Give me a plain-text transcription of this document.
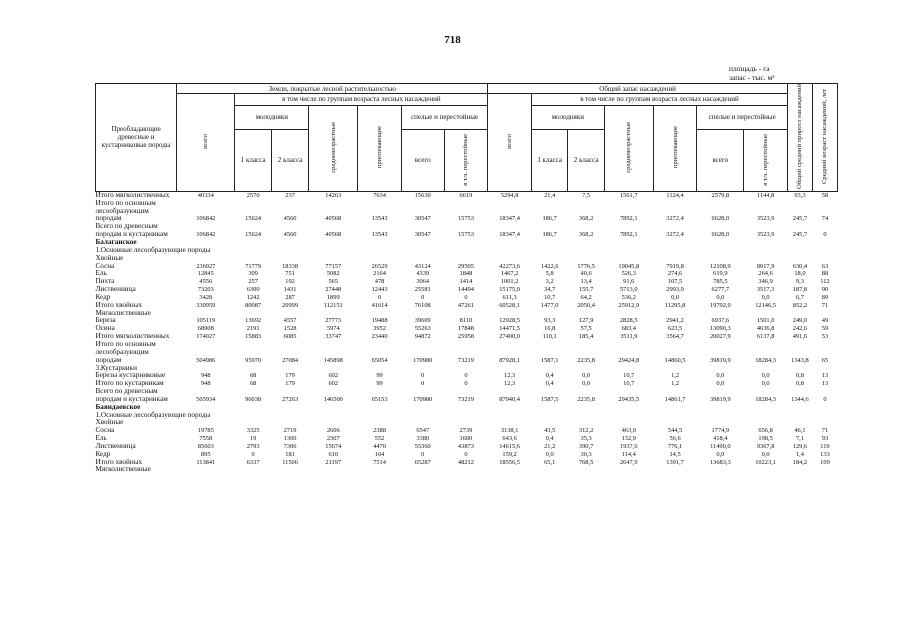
718
площадь - га
запас - тыс. м³
Преобладающие древесные и кустарниковые породы	Земли, покрытые лесной растительностью							Общий запас насаждений							Общий средний прирост насаждений	Средний возраст насаждений, лет
	всего	в том числе по группам возраста лесных насаждений						всего	в том числе по группам возраста лесных насаждений							
		молодняки		средневозрастные	приспевающие	спелые и перестойные			молодняки		средневозрастные	приспевающие	спелые и перестойные			
		1 класса	2 класса			всего	в т.ч. перестойные		1 класса	2 класса			всего	в т.ч. перестойные		
Итого мягколиственных	40334	2570	237	14263	7634	15630	6619	5294,8	21,4	7,5	1561,7	1124,4	2579,8	1144,8	93,3	58
Итого по основным лесообразующим породам	106842	15624	4560	40568	13543	30547	15753	18347,4	186,7	368,2	7892,1	3272,4	6628,0	3523,9	245,7	74
Всего по древесным породам и кустарникам	106842	15624	4560	40568	13543	30547	15753	18347,4	186,7	368,2	7892,1	3272,4	6628,0	3523,9	245,7	0
Балаганское																
1.Основные лесообразующие породы																
Хвойные																
Сосна	236927	71779	18338	77157	26529	43124	29505	42273,6	1422,6	1776,5	19045,8	7919,8	12108,9	8017,9	630,4	63
Ель	12845	309	751	5082	2164	4339	1848	1467,2	5,8	40,6	526,3	274,6	619,9	264,6	18,0	88
Пихта	4556	257	192	565	478	3064	1414	1001,2	3,2	13,4	91,6	107,5	785,5	346,9	9,3	112
Лиственница	73203	6300	1431	27448	12443	25581	14494	15175,0	34,7	155,7	5713,0	2993,9	6277,7	3517,3	187,8	90
Кедр	3428	1242	287	1899	0	0	0	611,3	10,7	64,2	536,2	0,0	0,0	0,0	6,7	89
Итого хвойных	330959	80087	20999	112151	41614	76108	47261	60528,1	1477,0	2050,4	25912,9	11295,8	19792,0	12146,5	852,2	71
Мягколиственные																
Береза	105119	13692	4557	27773	19488	39609	8110	12928,5	93,3	127,9	2828,5	2941,2	6937,6	1501,0	249,0	49
Осина	68908	2191	1528	5974	3952	55263	17848	14471,5	16,8	57,5	683,4	623,5	13090,3	4636,8	242,6	59
Итого мягколиственных	174027	15883	6085	33747	23440	94872	25958	27400,0	110,1	185,4	3511,9	3564,7	20027,9	6137,8	491,6	53
Итого по основным лесообразующим породам	504986	95970	27084	145898	65054	170980	73219	87928,1	1587,1	2235,8	29424,8	14860,5	39819,9	18284,3	1343,8	65
3.Кустарники																
Березы кустарниковые	948	68	179	602	99	0	0	12,3	0,4	0,0	10,7	1,2	0,0	0,0	0,8	13
Итого по кустарникам	948	68	179	602	99	0	0	12,3	0,4	0,0	10,7	1,2	0,0	0,0	0,8	13
Всего по древесным породам и кустарникам	505934	96038	27263	146500	65153	170980	73219	87940,4	1587,5	2235,8	29435,5	14861,7	39819,9	18284,3	1344,6	0
Баяндаевское																
1.Основные лесообразующие породы																
Хвойные																
Сосна	19785	3325	2719	2606	2388	6547	2739	3138,1	43,5	312,2	463,0	544,5	1774,9	656,8	46,1	71
Ель	7558	19	1300	2307	552	3380	1600	643,6	0,4	35,3	132,9	56,6	418,4	198,5	7,1	93
Лиственница	85603	2793	7306	15674	4470	55360	43873	14615,6	21,2	390,7	1937,6	776,1	11490,0	9367,8	129,6	119
Кедр	895	0	181	610	104	0	0	159,2	0,0	30,3	114,4	14,5	0,0	0,0	1,4	133
Итого хвойных	113841	6337	11506	21197	7514	65287	48212	18556,5	65,1	768,5	2647,9	1391,7	13683,3	10223,1	184,2	109
Мягколиственные																
